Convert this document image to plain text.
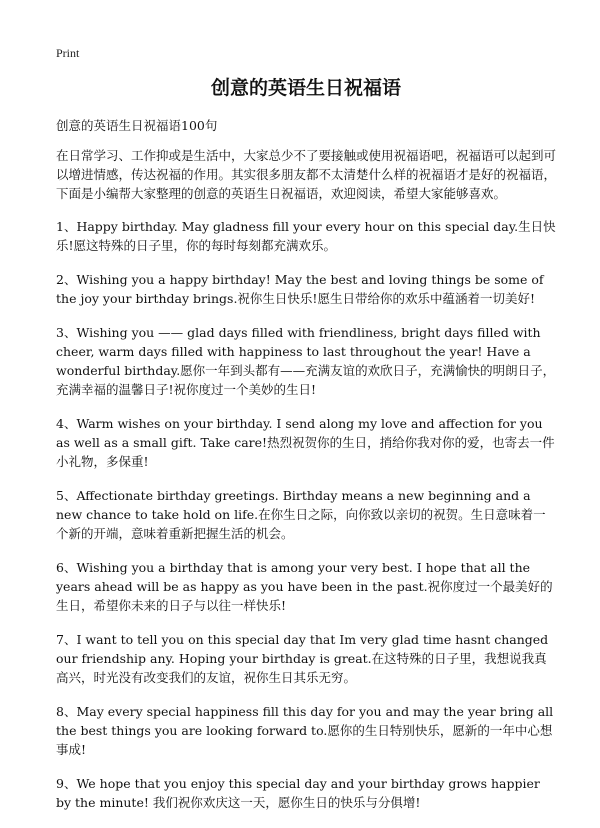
Print
创意的英语生日祝福语

创意的英语生日祝福语100句

在日常学习、工作抑或是生活中，大家总少不了要接触或使用祝福语吧，祝福语可以起到可以增进情感，传达祝福的作用。其实很多朋友都不太清楚什么样的祝福语才是好的祝福语，下面是小编帮大家整理的创意的英语生日祝福语，欢迎阅读，希望大家能够喜欢。

1、Happy birthday. May gladness fill your every hour on this special day.生日快乐!愿这特殊的日子里，你的每时每刻都充满欢乐。

2、Wishing you a happy birthday! May the best and loving things be some of the joy your birthday brings.祝你生日快乐!愿生日带给你的欢乐中蕴涵着一切美好!

3、Wishing you —— glad days filled with friendliness, bright days filled with cheer, warm days filled with happiness to last throughout the year! Have a wonderful birthday.愿你一年到头都有——充满友谊的欢欣日子，充满愉快的明朗日子，充满幸福的温馨日子!祝你度过一个美妙的生日!

4、Warm wishes on your birthday. I send along my love and affection for you as well as a small gift. Take care!热烈祝贺你的生日，捎给你我对你的爱，也寄去一件小礼物，多保重!

5、Affectionate birthday greetings. Birthday means a new beginning and a new chance to take hold on life.在你生日之际，向你致以亲切的祝贺。生日意味着一个新的开端，意味着重新把握生活的机会。

6、Wishing you a birthday that is among your very best. I hope that all the years ahead will be as happy as you have been in the past.祝你度过一个最美好的生日，希望你未来的日子与以往一样快乐!

7、I want to tell you on this special day that Im very glad time hasnt changed our friendship any. Hoping your birthday is great.在这特殊的日子里，我想说我真高兴，时光没有改变我们的友谊，祝你生日其乐无穷。

8、May every special happiness fill this day for you and may the year bring all the best things you are looking forward to.愿你的生日特别快乐，愿新的一年中心想事成!

9、We hope that you enjoy this special day and your birthday grows happier by the minute! 我们祝你欢庆这一天，愿你生日的快乐与分俱增!
